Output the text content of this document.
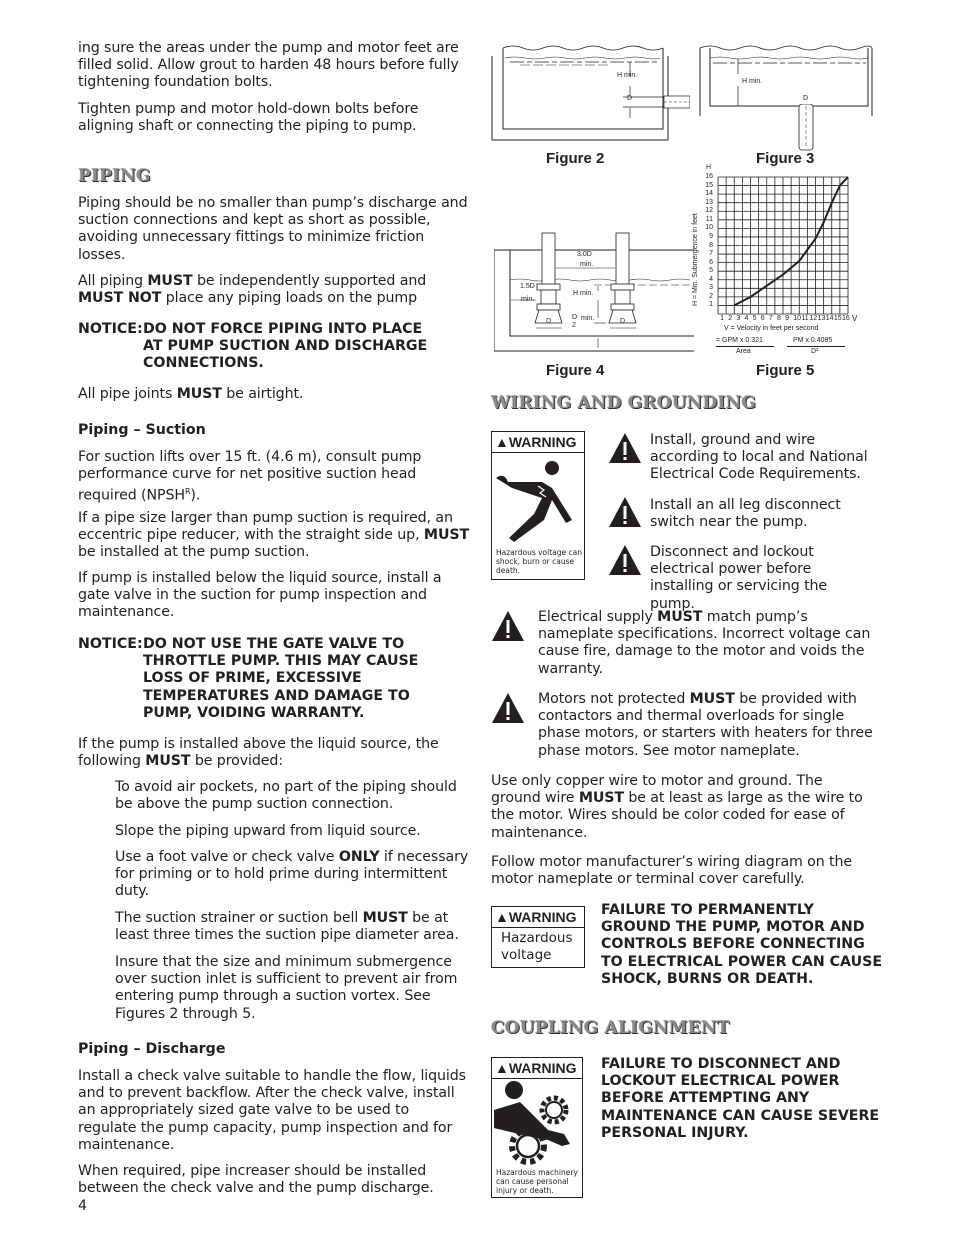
ing sure the areas under the pump and motor feet are filled solid. Allow grout to harden 48 hours before fully tightening foundation bolts.
Tighten pump and motor hold-down bolts before aligning shaft or connecting the piping to pump.
PIPING
Piping should be no smaller than pump’s discharge and suction connections and kept as short as possible, avoiding unnecessary fittings to minimize friction losses.
All piping MUST be independently supported and MUST NOT place any piping loads on the pump
NOTICE: DO NOT FORCE PIPING INTO PLACE AT PUMP SUCTION AND DISCHARGE CONNECTIONS.
All pipe joints MUST be airtight.
Piping – Suction
For suction lifts over 15 ft. (4.6 m), consult pump performance curve for net positive suction head required $(NPSH^R)$.
If a pipe size larger than pump suction is required, an eccentric pipe reducer, with the straight side up, MUST be installed at the pump suction.
If pump is installed below the liquid source, install a gate valve in the suction for pump inspection and maintenance.
NOTICE: DO NOT USE THE GATE VALVE TO THROTTLE PUMP. THIS MAY CAUSE LOSS OF PRIME, EXCESSIVE TEMPERATURES AND DAMAGE TO PUMP, VOIDING WARRANTY.
If the pump is installed above the liquid source, the following MUST be provided:
To avoid air pockets, no part of the piping should be above the pump suction connection.
Slope the piping upward from liquid source.
Use a foot valve or check valve ONLY if necessary for priming or to hold prime during intermittent duty.
The suction strainer or suction bell MUST be at least three times the suction pipe diameter area.
Insure that the size and minimum submergence over suction inlet is sufficient to prevent air from entering pump through a suction vortex. See Figures 2 through 5.
Piping – Discharge
Install a check valve suitable to handle the flow, liquids and to prevent backflow. After the check valve, install an appropriately sized gate valve to be used to regulate the pump capacity, pump inspection and for maintenance.
When required, pipe increaser should be installed between the check valve and the pump discharge.
4
H min.
D
Figure 2
H min.
D
Figure 3
3.0D
min.
1.5D
min.
H min.
D	D
D
2
min.
Figure 4
H
H = Min. Submergence in feet	1
2
3
4
5
6
7
8
9
10
11
12
13
14
15
16
1 2 3 4 5 6 7 8 9 10 11 12 13 14 15 16 V
V = Velocity in feet per second
= GPM x 0.321
Area
PM x 0.4085
D²
Figure 5
WIRING AND GROUNDING
▲WARNING
Hazardous voltage can shock, burn or cause death.
Install, ground and wire according to local and National Electrical Code Requirements.
Install an all leg disconnect switch near the pump.
Disconnect and lockout electrical power before installing or servicing the pump.
Electrical supply MUST match pump’s nameplate specifications. Incorrect voltage can cause fire, damage to the motor and voids the warranty.
Motors not protected MUST be provided with contactors and thermal overloads for single phase motors, or starters with heaters for three phase motors. See motor nameplate.
Use only copper wire to motor and ground. The ground wire MUST be at least as large as the wire to the motor. Wires should be color coded for ease of maintenance.
Follow motor manufacturer’s wiring diagram on the motor nameplate or terminal cover carefully.
▲WARNING
Hazardous voltage
FAILURE TO PERMANENTLY GROUND THE PUMP, MOTOR AND CONTROLS BEFORE CONNECTING TO ELECTRICAL POWER CAN CAUSE SHOCK, BURNS OR DEATH.
COUPLING ALIGNMENT
▲WARNING
Hazardous machinery can cause personal injury or death.
FAILURE TO DISCONNECT AND LOCKOUT ELECTRICAL POWER BEFORE ATTEMPTING ANY MAINTENANCE CAN CAUSE SEVERE PERSONAL INJURY.
